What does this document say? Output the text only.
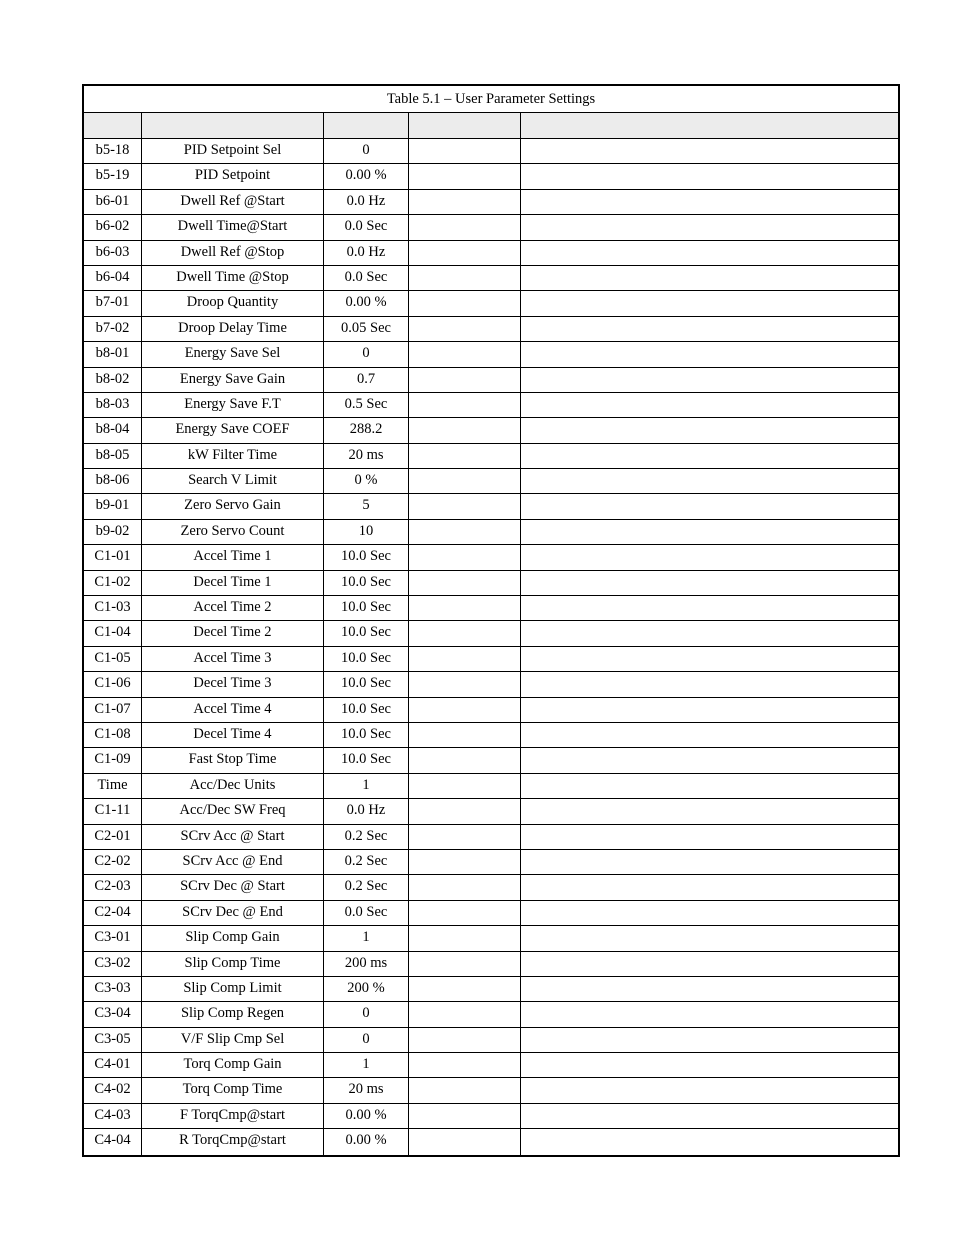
Table 5.1 – User Parameter Settings
b5-18	PID Setpoint Sel	0
b5-19	PID Setpoint	0.00 %
b6-01	Dwell Ref @Start	0.0 Hz
b6-02	Dwell Time@Start	0.0 Sec
b6-03	Dwell Ref @Stop	0.0 Hz
b6-04	Dwell Time @Stop	0.0 Sec
b7-01	Droop Quantity	0.00 %
b7-02	Droop Delay Time	0.05 Sec
b8-01	Energy Save Sel	0
b8-02	Energy Save Gain	0.7
b8-03	Energy Save F.T	0.5 Sec
b8-04	Energy Save COEF	288.2
b8-05	kW Filter Time	20 ms
b8-06	Search V Limit	0 %
b9-01	Zero Servo Gain	5
b9-02	Zero Servo Count	10
C1-01	Accel Time 1	10.0 Sec
C1-02	Decel Time 1	10.0 Sec
C1-03	Accel Time 2	10.0 Sec
C1-04	Decel Time 2	10.0 Sec
C1-05	Accel Time 3	10.0 Sec
C1-06	Decel Time 3	10.0 Sec
C1-07	Accel Time 4	10.0 Sec
C1-08	Decel Time 4	10.0 Sec
C1-09	Fast Stop Time	10.0 Sec
Time	Acc/Dec Units	1
C1-11	Acc/Dec SW Freq	0.0 Hz
C2-01	SCrv Acc @ Start	0.2 Sec
C2-02	SCrv Acc @ End	0.2 Sec
C2-03	SCrv Dec @ Start	0.2 Sec
C2-04	SCrv Dec @ End	0.0 Sec
C3-01	Slip Comp Gain	1
C3-02	Slip Comp Time	200 ms
C3-03	Slip Comp Limit	200 %
C3-04	Slip Comp Regen	0
C3-05	V/F Slip Cmp Sel	0
C4-01	Torq Comp Gain	1
C4-02	Torq Comp Time	20 ms
C4-03	F TorqCmp@start	0.00 %
C4-04	R TorqCmp@start	0.00 %
